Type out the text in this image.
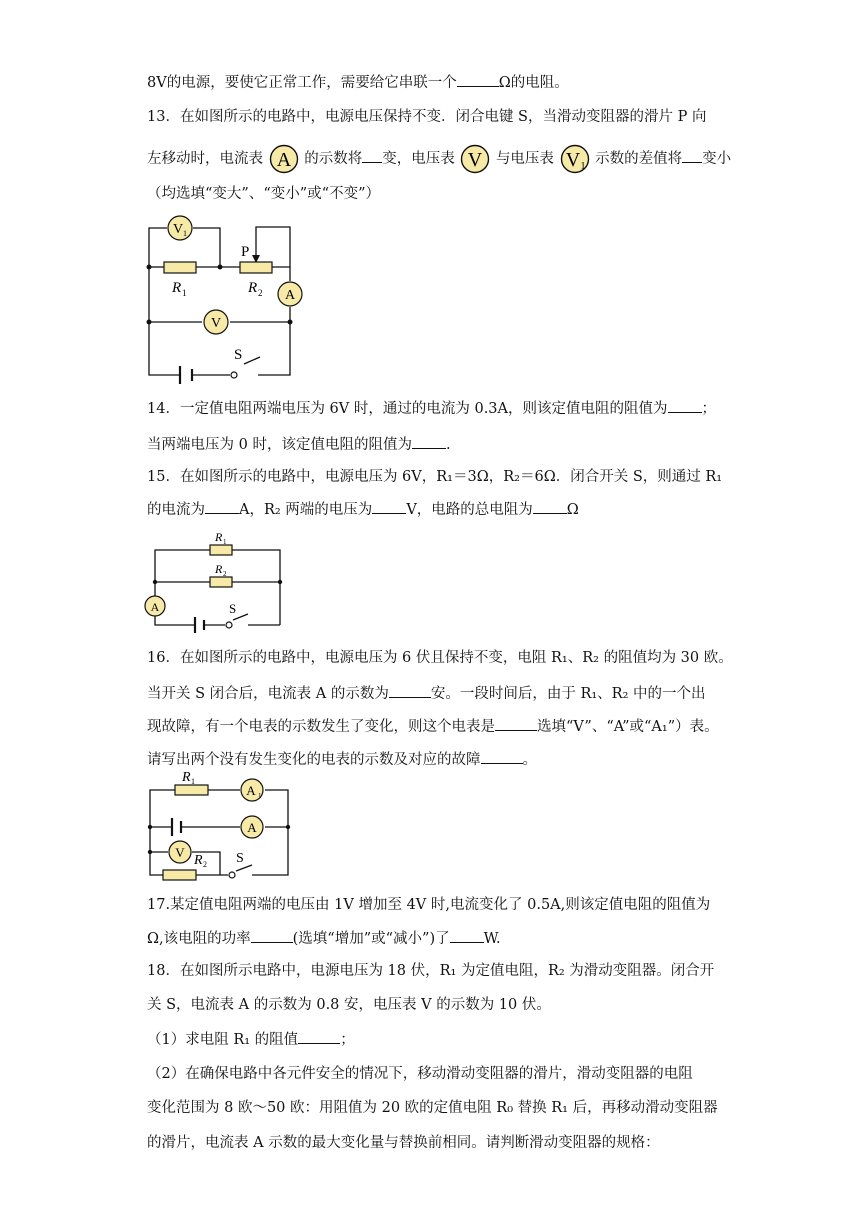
8V的电源，要使它正常工作，需要给它串联一个	Ω的电阻。
13．在如图所示的电路中，电源电压保持不变．闭合电键 S，当滑动变阻器的滑片 P 向
左移动时，电流表 A 的示数将 变，电压表 V 与电压表 V 1 示数的差值将 变小
（均选填“变大”、“变小”或“不变”）
V 1
A
V
P
R 1	R 2
S
14．一定值电阻两端电压为 6V 时，通过的电流为 0.3A，则该定值电阻的阻值为 ；
当两端电压为 0 时，该定值电阻的阻值为 .
15．在如图所示的电路中，电源电压为 6V，R₁＝3Ω，R₂＝6Ω．闭合开关 S，则通过 R₁
的电流为 A，R₂ 两端的电压为 V，电路的总电阻为 Ω
A
R 1
R 2
S
16．在如图所示的电路中，电源电压为 6 伏且保持不变，电阻 R₁、R₂ 的阻值均为 30 欧。
当开关 S 闭合后，电流表 A 的示数为	安。一段时间后，由于 R₁、R₂ 中的一个出
现故障，有一个电表的示数发生了变化，则这个电表是	选填“V”、“A”或“A₁”）表。
请写出两个没有发生变化的电表的示数及对应的故障	。
A 1
A
V
R 1
R 2 S
17.某定值电阻两端的电压由 1V 增加至 4V 时,电流变化了 0.5A,则该定值电阻的阻值为
Ω,该电阻的功率	(选填“增加”或“减小”)了 W.
18．在如图所示电路中，电源电压为 18 伏，R₁ 为定值电阻，R₂ 为滑动变阻器。闭合开
关 S，电流表 A 的示数为 0.8 安，电压表 V 的示数为 10 伏。
（1）求电阻 R₁ 的阻值	；
（2）在确保电路中各元件安全的情况下，移动滑动变阻器的滑片，滑动变阻器的电阻
变化范围为 8 欧～50 欧：用阻值为 20 欧的定值电阻 R₀ 替换 R₁ 后，再移动滑动变阻器
的滑片，电流表 A 示数的最大变化量与替换前相同。请判断滑动变阻器的规格：
